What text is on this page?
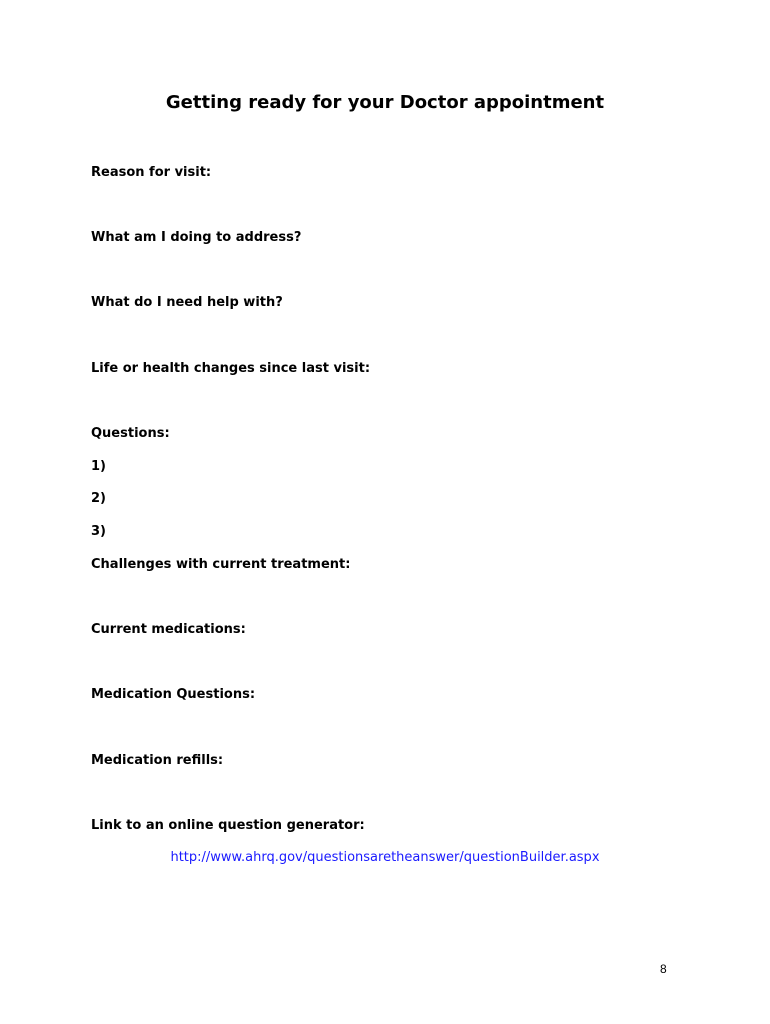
Getting ready for your Doctor appointment
Reason for visit:
What am I doing to address?
What do I need help with?
Life or health changes since last visit:
Questions:
1)
2)
3)
Challenges with current treatment:
Current medications:
Medication Questions:
Medication refills:
Link to an online question generator:
http://www.ahrq.gov/questionsaretheanswer/questionBuilder.aspx
8
